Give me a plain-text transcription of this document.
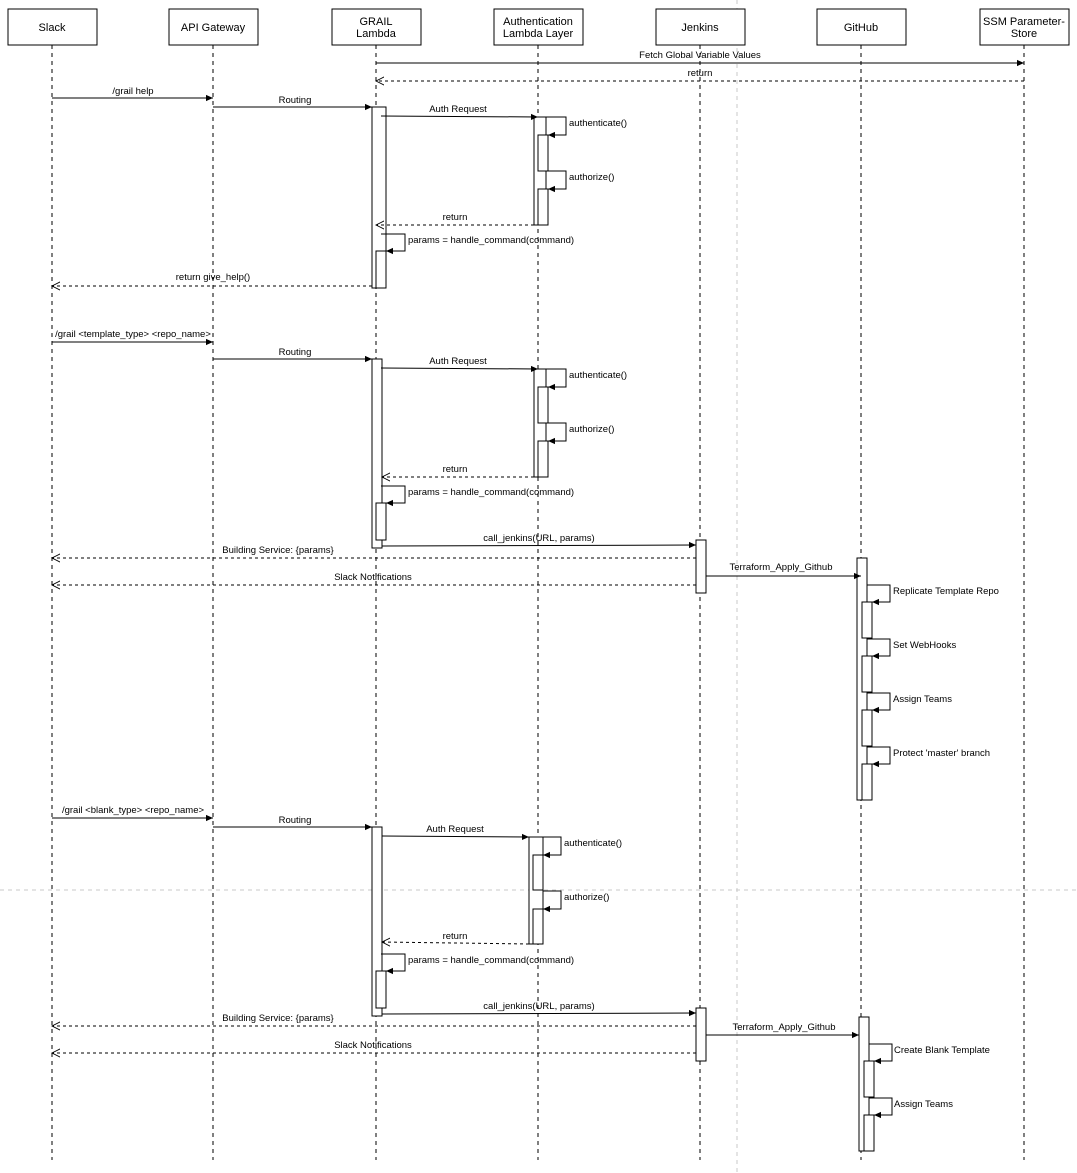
Slack	API Gateway	GRAIL
Lambda
Authentication
Lambda Layer	Jenkins	GitHub	SSM Parameter-
Store
Fetch Global Variable Values
return
/grail help
Routing
Auth Request
authenticate()
authorize()
return
params = handle_command(command)
return give_help()
/grail <template_type> <repo_name>
Routing
Auth Request
authenticate()
authorize()
return
params = handle_command(command)
call_jenkins(URL, params)
Building Service: {params}
Terraform_Apply_Github
Slack Notifications
Replicate Template Repo
Set WebHooks
Assign Teams
Protect 'master' branch
/grail <blank_type> <repo_name>
Routing
Auth Request
authenticate()
authorize()
return
params = handle_command(command)
call_jenkins(URL, params)
Building Service: {params}
Terraform_Apply_Github
Slack Notifications	Create Blank Template
Assign Teams
